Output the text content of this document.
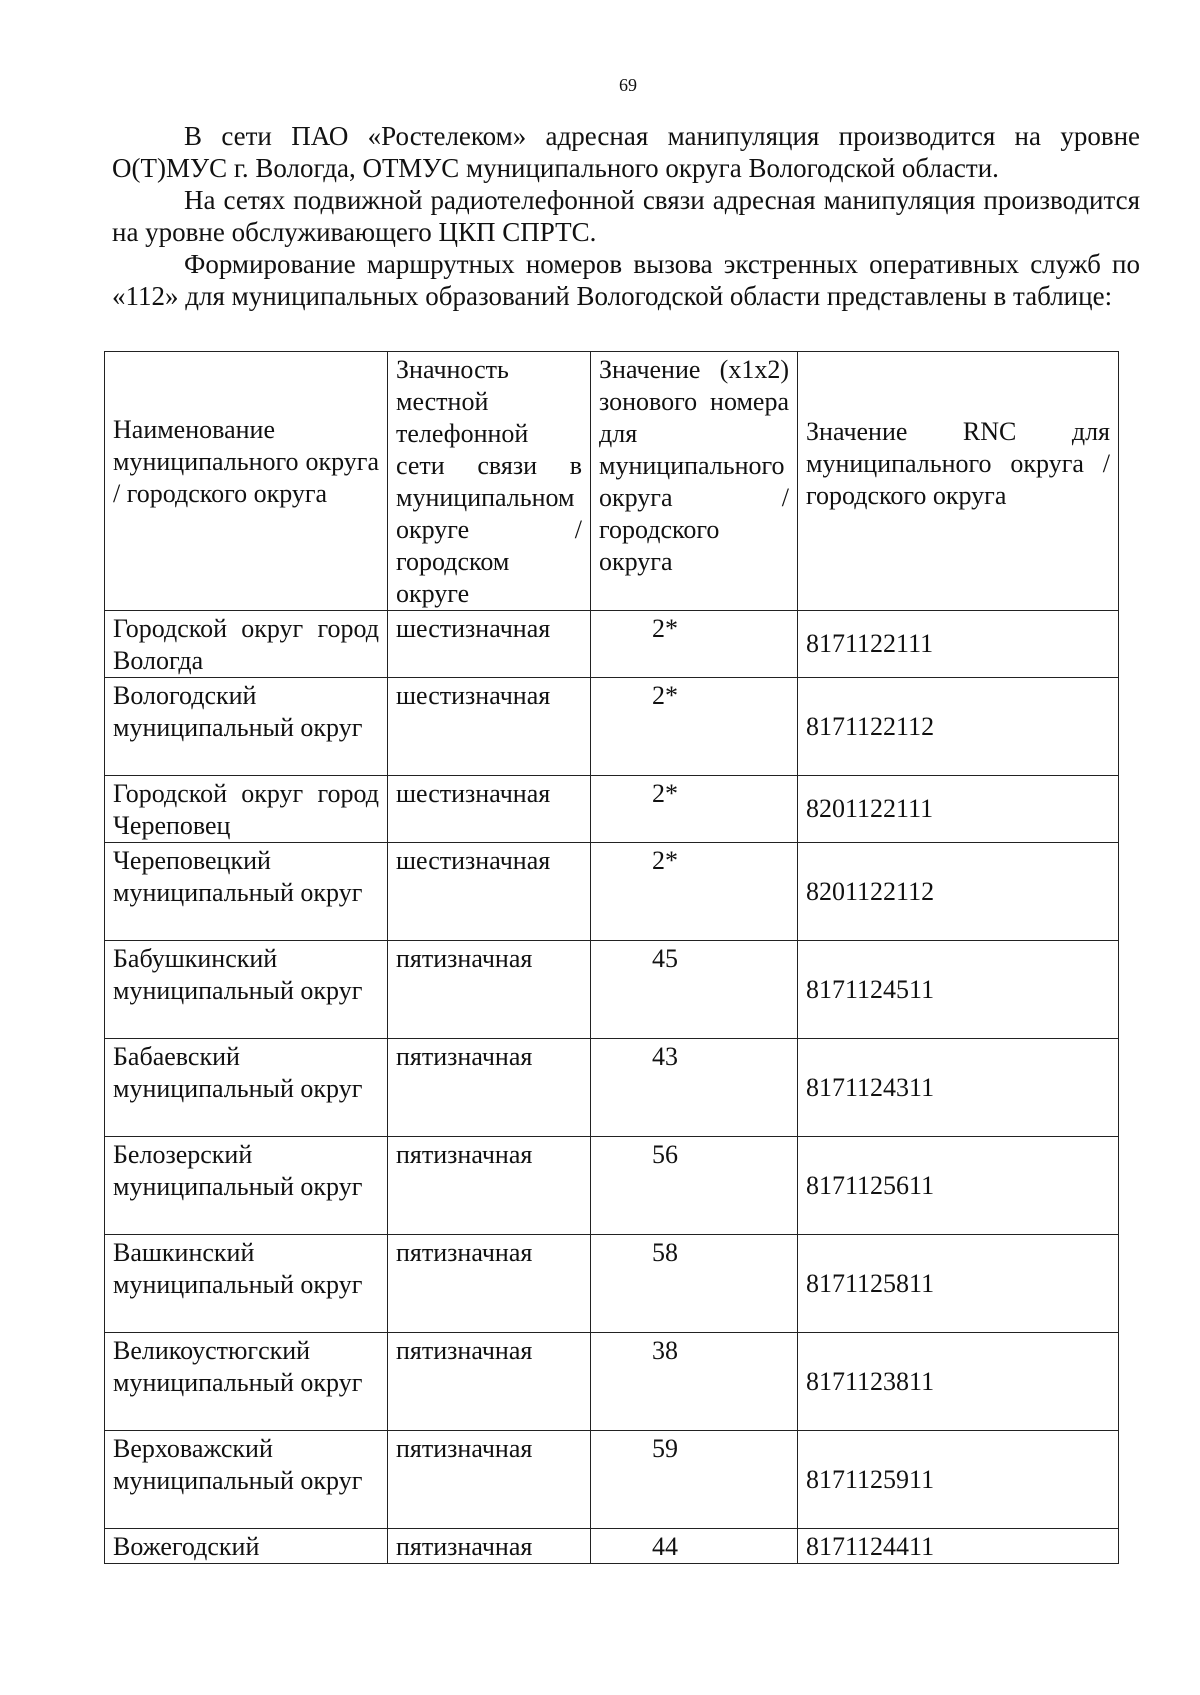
69

В сети ПАО «Ростелеком» адресная манипуляция производится на уровне О(Т)МУС г. Вологда, ОТМУС муниципального округа Вологодской области.

На сетях подвижной радиотелефонной связи адресная манипуляция производится на уровне обслуживающего ЦКП СПРТС.

Формирование маршрутных номеров вызова экстренных оперативных служб по «112» для муниципальных образований Вологодской области представлены в таблице:

Наименование муниципального округа / городского округа	Значность местной телефонной сети связи в муниципальном округе / городском округе	Значение (x1x2) зонового номера для муниципального округа / городского округа	Значение RNC для муниципального округа / городского округа
Городской округ город Вологда	шестизначная	2*	8171122111
Вологодский муниципальный округ	шестизначная	2*	8171122112
Городской округ город Череповец	шестизначная	2*	8201122111
Череповецкий муниципальный округ	шестизначная	2*	8201122112
Бабушкинский муниципальный округ	пятизначная	45	8171124511
Бабаевский муниципальный округ	пятизначная	43	8171124311
Белозерский муниципальный округ	пятизначная	56	8171125611
Вашкинский муниципальный округ	пятизначная	58	8171125811
Великоустюгский муниципальный округ	пятизначная	38	8171123811
Верховажский муниципальный округ	пятизначная	59	8171125911
Вожегодский	пятизначная	44	8171124411
